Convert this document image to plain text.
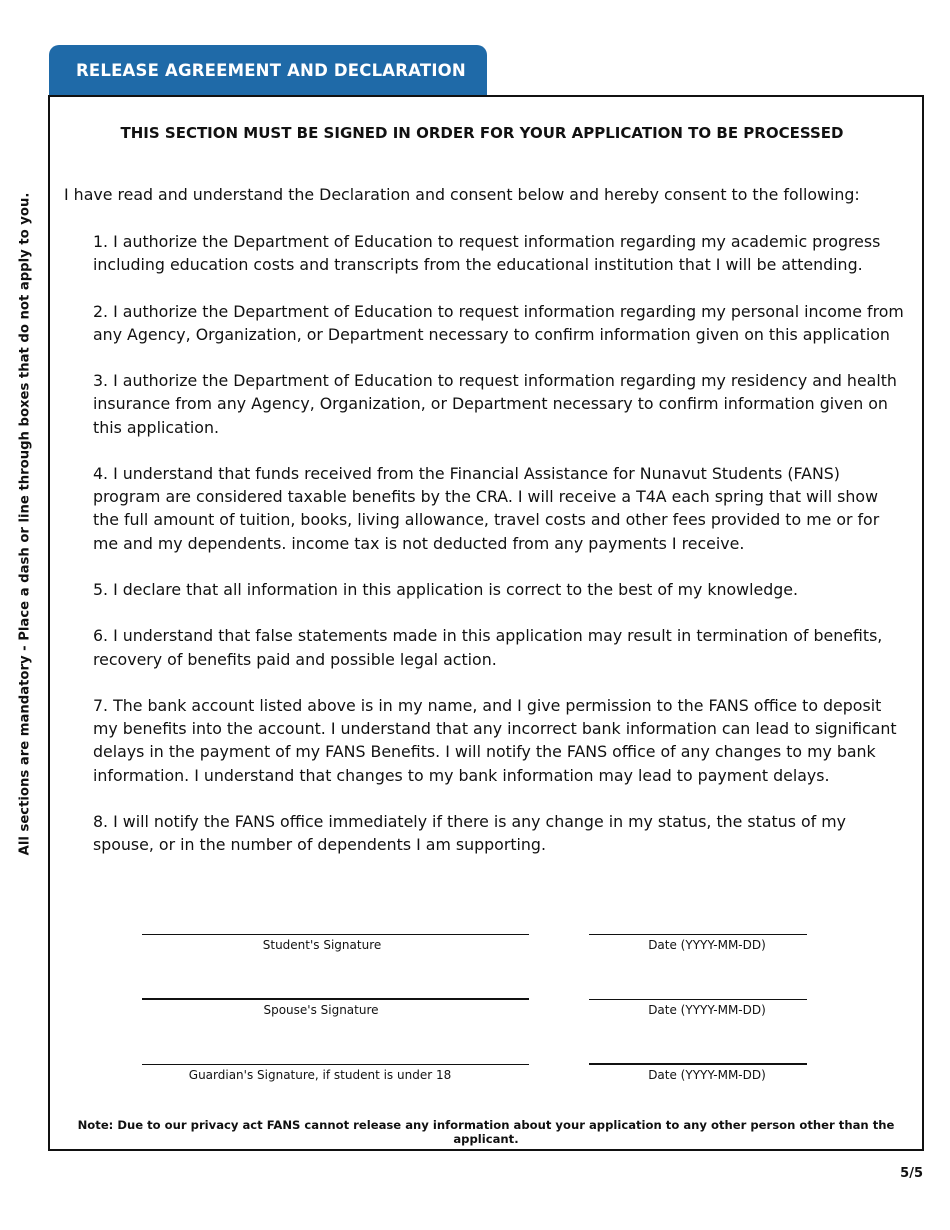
RELEASE AGREEMENT AND DECLARATION
All sections are mandatory - Place a dash or line through boxes that do not apply to you.
THIS SECTION MUST BE SIGNED IN ORDER FOR YOUR APPLICATION TO BE PROCESSED
I have read and understand the Declaration and consent below and hereby consent to the following:

1. I authorize the Department of Education to request information regarding my academic progress including education costs and transcripts from the educational institution that I will be attending.

2. I authorize the Department of Education to request information regarding my personal income from any Agency, Organization, or Department necessary to confirm information given on this application

3. I authorize the Department of Education to request information regarding my residency and health insurance from any Agency, Organization, or Department necessary to confirm information given on this application.

4. I understand that funds received from the Financial Assistance for Nunavut Students (FANS) program are considered taxable benefits by the CRA. I will receive a T4A each spring that will show the full amount of tuition, books, living allowance, travel costs and other fees provided to me or for me and my dependents. income tax is not deducted from any payments I receive.

5. I declare that all information in this application is correct to the best of my knowledge.

6. I understand that false statements made in this application may result in termination of benefits, recovery of benefits paid and possible legal action.

7. The bank account listed above is in my name, and I give permission to the FANS office to deposit my benefits into the account. I understand that any incorrect bank information can lead to significant delays in the payment of my FANS Benefits. I will notify the FANS office of any changes to my bank information. I understand that changes to my bank information may lead to payment delays.

8. I will notify the FANS office immediately if there is any change in my status, the status of my spouse, or in the number of dependents I am supporting.

Student's Signature	Date (YYYY-MM-DD)
Spouse's Signature	Date (YYYY-MM-DD)
Guardian's Signature, if student is under 18	Date (YYYY-MM-DD)
Note: Due to our privacy act FANS cannot release any information about your application to any other person other than the applicant.
5/5
